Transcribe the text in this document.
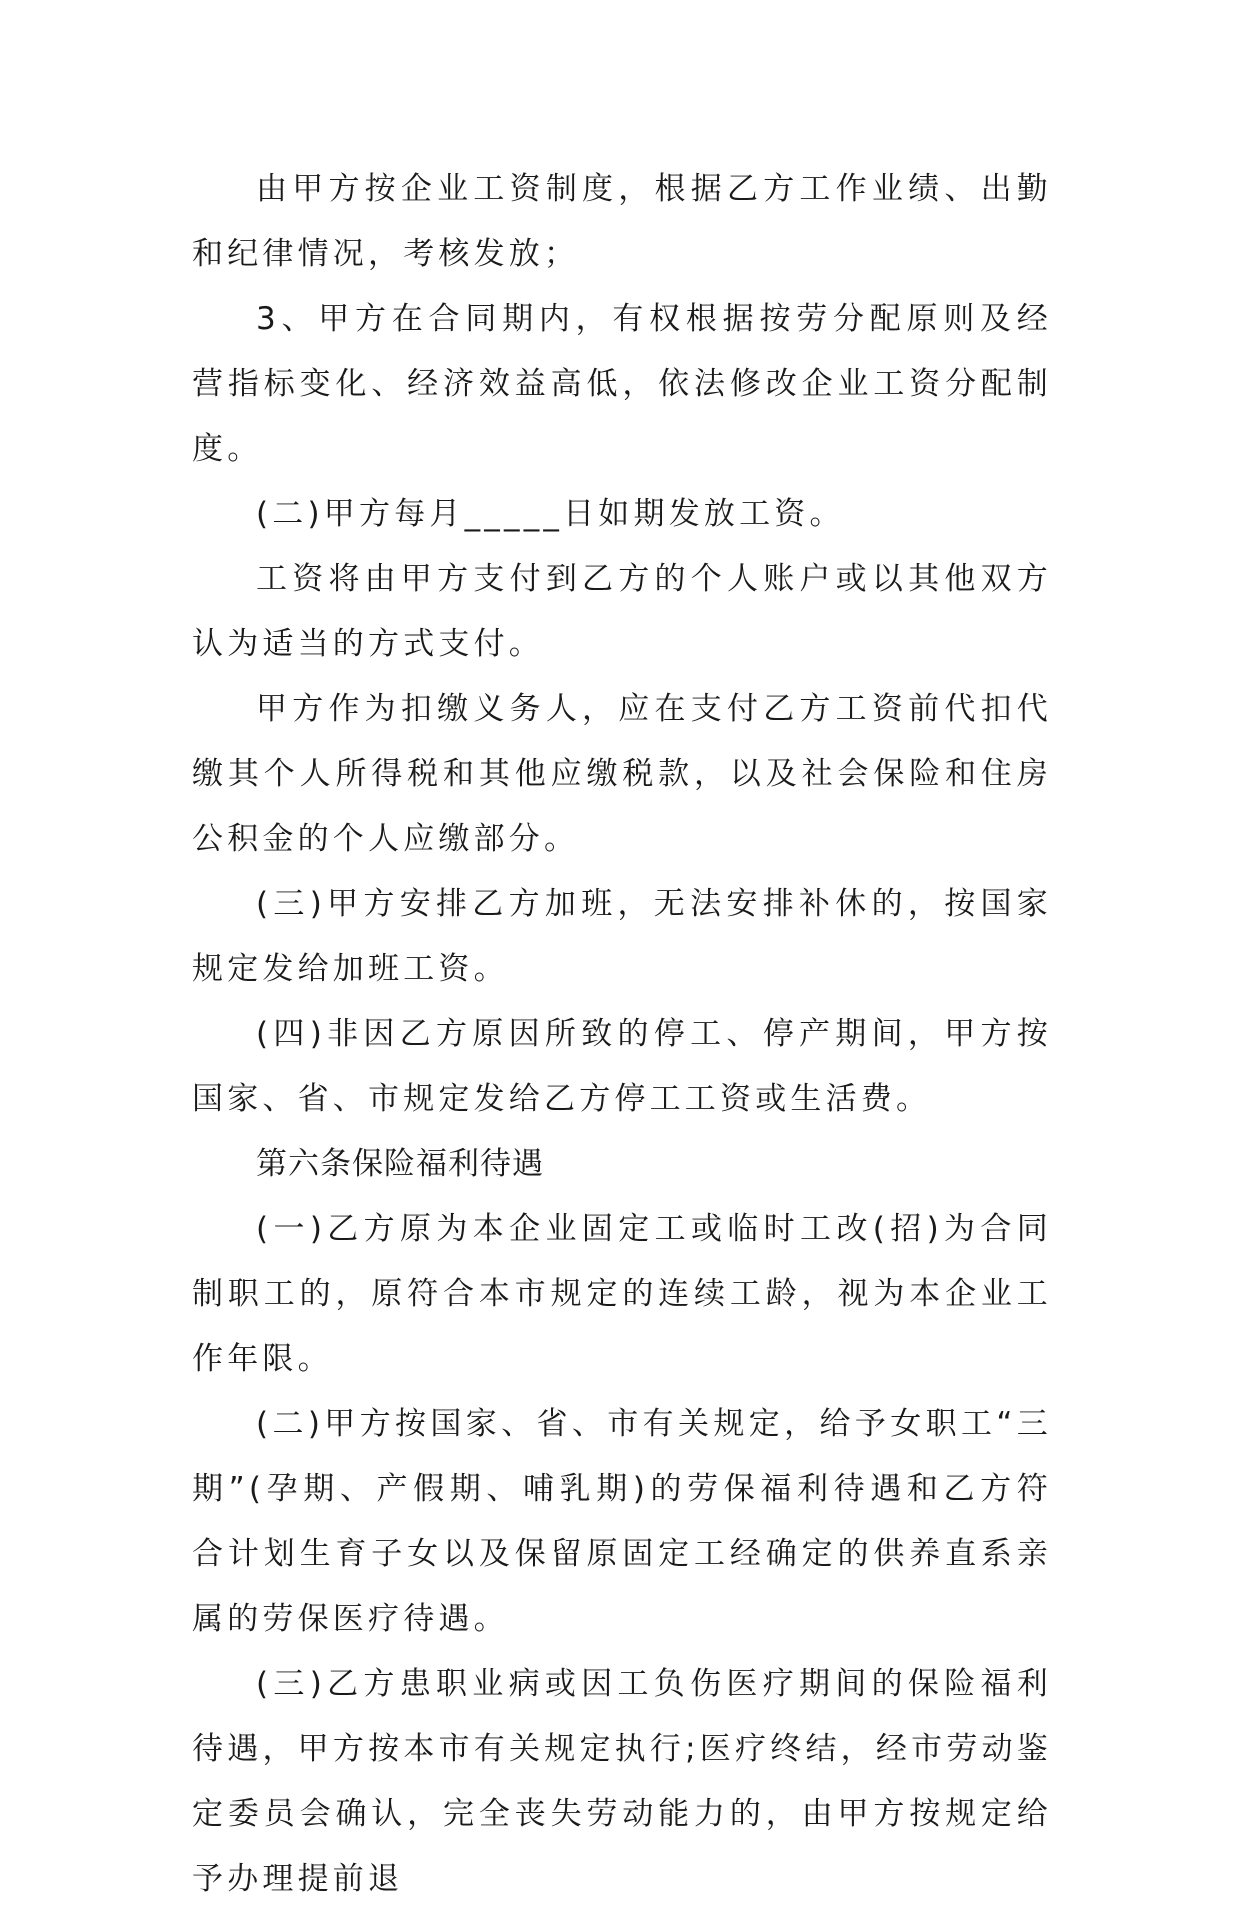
由甲方按企业工资制度，根据乙方工作业绩、出勤和纪律情况，考核发放；

3、甲方在合同期内，有权根据按劳分配原则及经营指标变化、经济效益高低，依法修改企业工资分配制度。

(二)甲方每月_____日如期发放工资。

工资将由甲方支付到乙方的个人账户或以其他双方认为适当的方式支付。

甲方作为扣缴义务人，应在支付乙方工资前代扣代缴其个人所得税和其他应缴税款，以及社会保险和住房公积金的个人应缴部分。

(三)甲方安排乙方加班，无法安排补休的，按国家规定发给加班工资。

(四)非因乙方原因所致的停工、停产期间，甲方按国家、省、市规定发给乙方停工工资或生活费。

第六条保险福利待遇

(一)乙方原为本企业固定工或临时工改(招)为合同制职工的，原符合本市规定的连续工龄，视为本企业工作年限。

(二)甲方按国家、省、市有关规定，给予女职工“三期”(孕期、产假期、哺乳期)的劳保福利待遇和乙方符合计划生育子女以及保留原固定工经确定的供养直系亲属的劳保医疗待遇。

(三)乙方患职业病或因工负伤医疗期间的保险福利待遇，甲方按本市有关规定执行;医疗终结，经市劳动鉴定委员会确认，完全丧失劳动能力的，由甲方按规定给予办理提前退
